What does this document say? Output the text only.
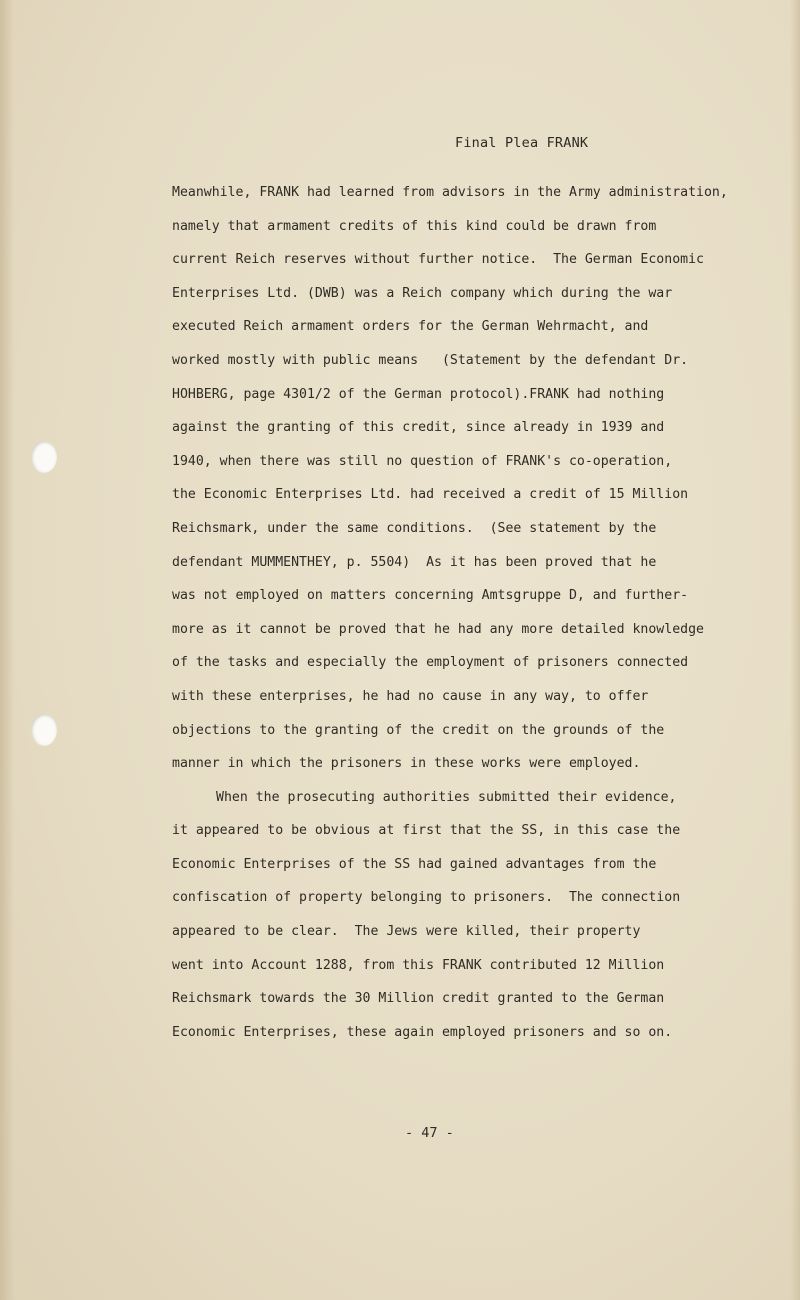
Final Plea FRANK
Meanwhile, FRANK had learned from advisors in the Army administration,
namely that armament credits of this kind could be drawn from
current Reich reserves without further notice.  The German Economic
Enterprises Ltd. (DWB) was a Reich company which during the war
executed Reich armament orders for the German Wehrmacht, and
worked mostly with public means   (Statement by the defendant Dr.
HOHBERG, page 4301/2 of the German protocol).FRANK had nothing
against the granting of this credit, since already in 1939 and
1940, when there was still no question of FRANK's co-operation,
the Economic Enterprises Ltd. had received a credit of 15 Million
Reichsmark, under the same conditions.  (See statement by the
defendant MUMMENTHEY, p. 5504)  As it has been proved that he
was not employed on matters concerning Amtsgruppe D, and further-
more as it cannot be proved that he had any more detailed knowledge
of the tasks and especially the employment of prisoners connected
with these enterprises, he had no cause in any way, to offer
objections to the granting of the credit on the grounds of the
manner in which the prisoners in these works were employed.
When the prosecuting authorities submitted their evidence,
it appeared to be obvious at first that the SS, in this case the
Economic Enterprises of the SS had gained advantages from the
confiscation of property belonging to prisoners.  The connection
appeared to be clear.  The Jews were killed, their property
went into Account 1288, from this FRANK contributed 12 Million
Reichsmark towards the 30 Million credit granted to the German
Economic Enterprises, these again employed prisoners and so on.
- 47 -
